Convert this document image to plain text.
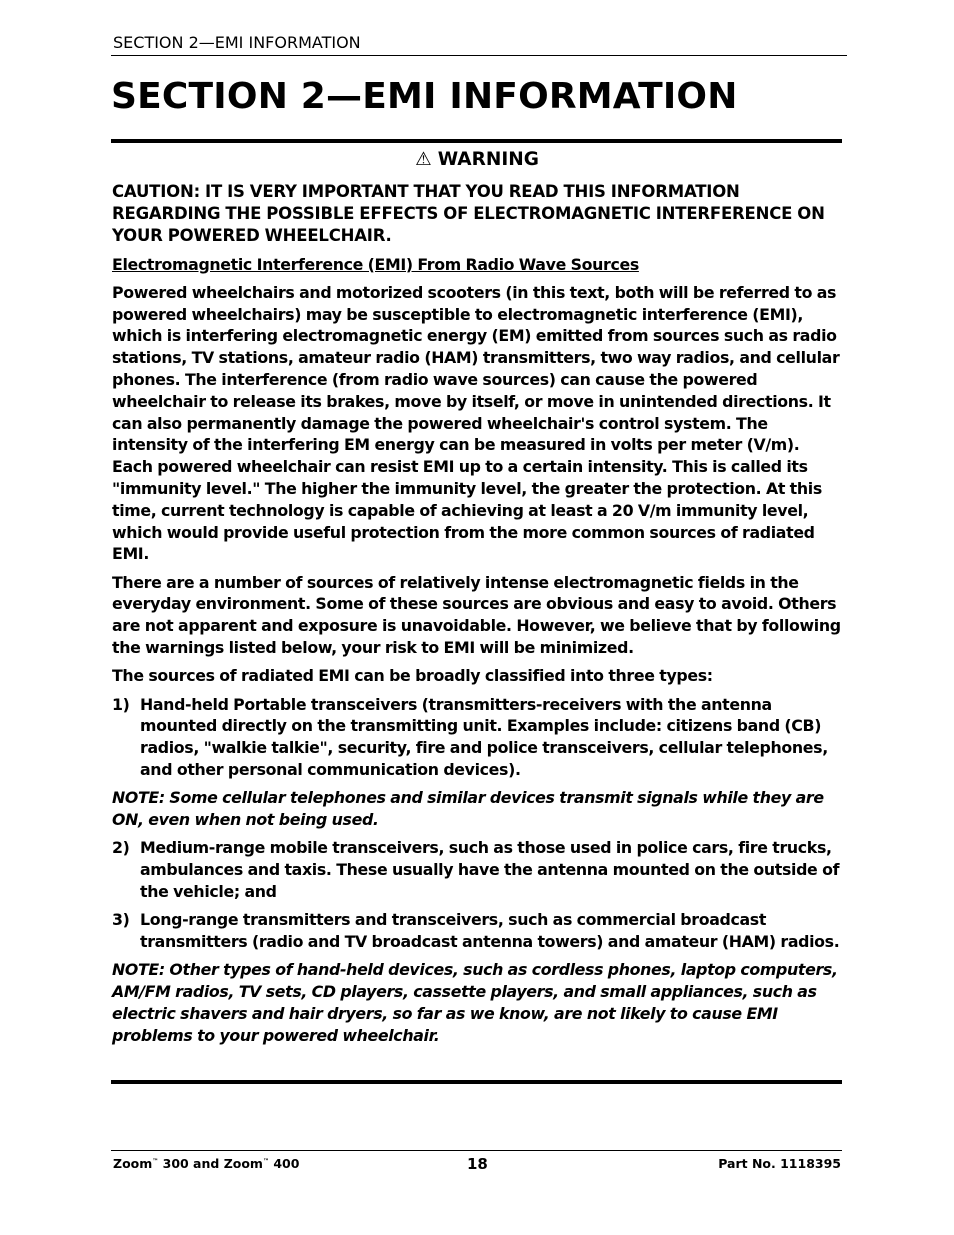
SECTION 2—EMI INFORMATION
SECTION 2—EMI INFORMATION
⚠ WARNING

CAUTION: IT IS VERY IMPORTANT THAT YOU READ THIS INFORMATION REGARDING THE POSSIBLE EFFECTS OF ELECTROMAGNETIC INTERFERENCE ON YOUR POWERED WHEELCHAIR.

Electromagnetic Interference (EMI) From Radio Wave Sources

Powered wheelchairs and motorized scooters (in this text, both will be referred to as powered wheelchairs) may be susceptible to electromagnetic interference (EMI), which is interfering electromagnetic energy (EM) emitted from sources such as radio stations, TV stations, amateur radio (HAM) transmitters, two way radios, and cellular phones. The interference (from radio wave sources) can cause the powered wheelchair to release its brakes, move by itself, or move in unintended directions. It can also permanently damage the powered wheelchair's control system. The intensity of the interfering EM energy can be measured in volts per meter (V/m). Each powered wheelchair can resist EMI up to a certain intensity. This is called its "immunity level." The higher the immunity level, the greater the protection. At this time, current technology is capable of achieving at least a 20 V/m immunity level, which would provide useful protection from the more common sources of radiated EMI.

There are a number of sources of relatively intense electromagnetic fields in the everyday environment. Some of these sources are obvious and easy to avoid. Others are not apparent and exposure is unavoidable. However, we believe that by following the warnings listed below, your risk to EMI will be minimized.

The sources of radiated EMI can be broadly classified into three types:

1) Hand-held Portable transceivers (transmitters-receivers with the antenna mounted directly on the transmitting unit. Examples include: citizens band (CB) radios, "walkie talkie", security, fire and police transceivers, cellular telephones, and other personal communication devices).

NOTE: Some cellular telephones and similar devices transmit signals while they are ON, even when not being used.

2) Medium-range mobile transceivers, such as those used in police cars, fire trucks, ambulances and taxis. These usually have the antenna mounted on the outside of the vehicle; and
3) Long-range transmitters and transceivers, such as commercial broadcast transmitters (radio and TV broadcast antenna towers) and amateur (HAM) radios.

NOTE: Other types of hand-held devices, such as cordless phones, laptop computers, AM/FM radios, TV sets, CD players, cassette players, and small appliances, such as electric shavers and hair dryers, so far as we know, are not likely to cause EMI problems to your powered wheelchair.

Zoom™ 300 and Zoom™ 400	18	Part No. 1118395
